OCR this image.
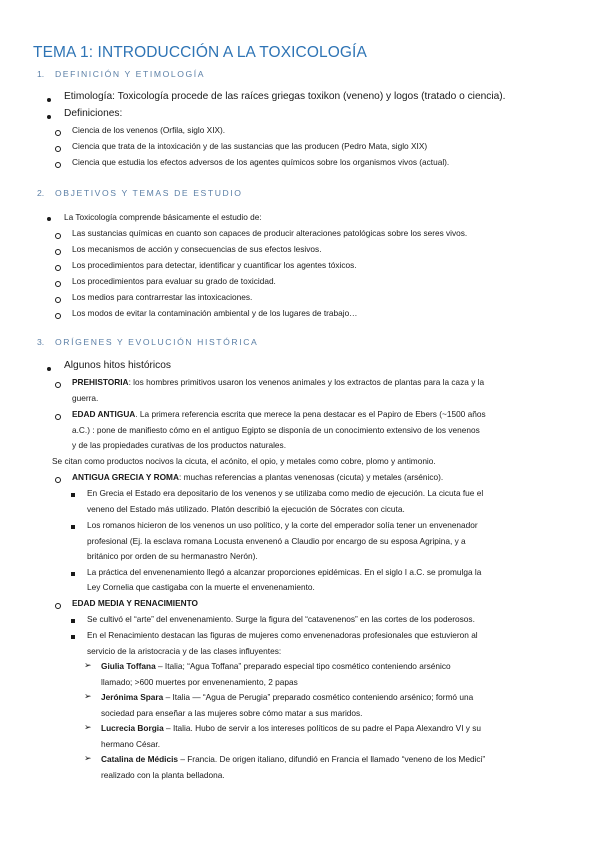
TEMA 1: INTRODUCCIÓN A LA TOXICOLOGÍA
1. DEFINICIÓN Y ETIMOLOGÍA
Etimología: Toxicología procede de las raíces griegas toxikon (veneno) y logos (tratado o ciencia).
Definiciones:
Ciencia de los venenos (Orfila, siglo XIX).
Ciencia que trata de la intoxicación y de las sustancias que las producen (Pedro Mata, siglo XIX)
Ciencia que estudia los efectos adversos de los agentes químicos sobre los organismos vivos (actual).
2. OBJETIVOS Y TEMAS DE ESTUDIO
La Toxicología comprende básicamente el estudio de:
Las sustancias químicas en cuanto son capaces de producir alteraciones patológicas sobre los seres vivos.
Los mecanismos de acción y consecuencias de sus efectos lesivos.
Los procedimientos para detectar, identificar y cuantificar los agentes tóxicos.
Los procedimientos para evaluar su grado de toxicidad.
Los medios para contrarrestar las intoxicaciones.
Los modos de evitar la contaminación ambiental y de los lugares de trabajo…
3. ORÍGENES Y EVOLUCIÓN HISTÓRICA
Algunos hitos históricos
PREHISTORIA: los hombres primitivos usaron los venenos animales y los extractos de plantas para la caza y la
guerra.
EDAD ANTIGUA. La primera referencia escrita que merece la pena destacar es el Papiro de Ebers (~1500 años
a.C.) : pone de manifiesto cómo en el antiguo Egipto se disponía de un conocimiento extensivo de los venenos
y de las propiedades curativas de los productos naturales.
Se citan como productos nocivos la cicuta, el acónito, el opio, y metales como cobre, plomo y antimonio.
ANTIGUA GRECIA Y ROMA: muchas referencias a plantas venenosas (cicuta) y metales (arsénico).
En Grecia el Estado era depositario de los venenos y se utilizaba como medio de ejecución. La cicuta fue el
veneno del Estado más utilizado. Platón describió la ejecución de Sócrates con cicuta.
Los romanos hicieron de los venenos un uso político, y la corte del emperador solía tener un envenenador
profesional (Ej. la esclava romana Locusta envenenó a Claudio por encargo de su esposa Agripina, y a
británico por orden de su hermanastro Nerón).
La práctica del envenenamiento llegó a alcanzar proporciones epidémicas. En el siglo I a.C. se promulga la
Ley Cornelia que castigaba con la muerte el envenenamiento.
EDAD MEDIA Y RENACIMIENTO
Se cultivó el “arte” del envenenamiento. Surge la figura del “catavenenos” en las cortes de los poderosos.
En el Renacimiento destacan las figuras de mujeres como envenenadoras profesionales que estuvieron al
servicio de la aristocracia y de las clases influyentes:
➢ Giulia Toffana – Italia; “Agua Toffana” preparado especial tipo cosmético conteniendo arsénico
llamado; >600 muertes por envenenamiento, 2 papas
➢ Jerónima Spara – Italia — “Agua de Perugia” preparado cosmético conteniendo arsénico; formó una
sociedad para enseñar a las mujeres sobre cómo matar a sus maridos.
➢ Lucrecia Borgia – Italia. Hubo de servir a los intereses políticos de su padre el Papa Alexandro VI y su
hermano César.
➢ Catalina de Médicis – Francia. De origen italiano, difundió en Francia el llamado “veneno de los Medici”
realizado con la planta belladona.
